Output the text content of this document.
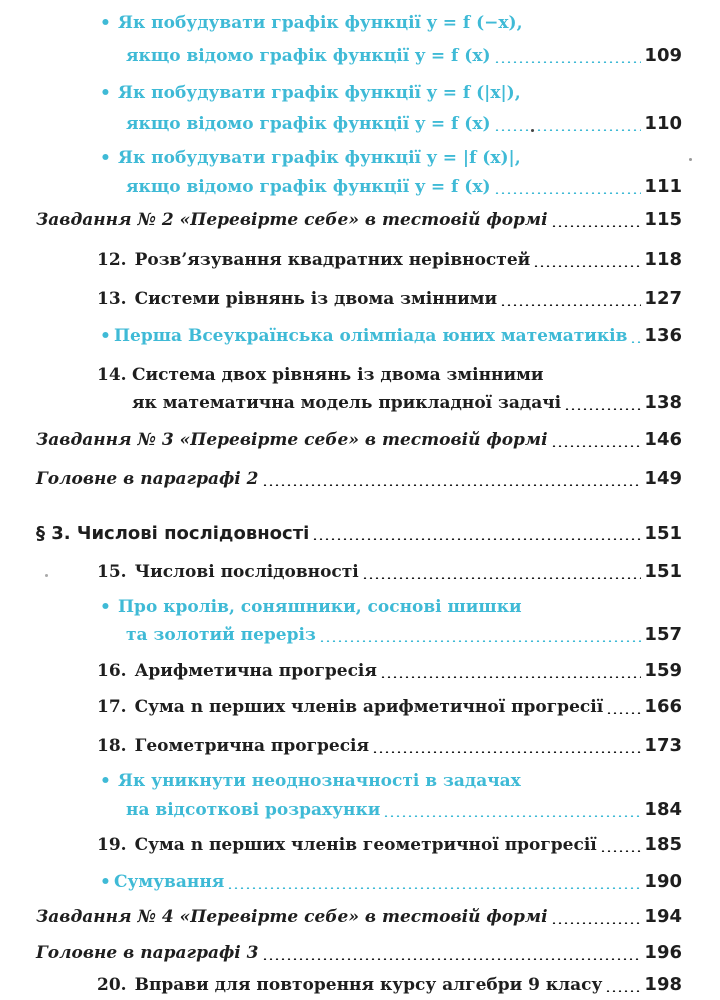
• Як побудувати графік функції y = f (−x),
якщо відомо графік функції y = f (x)	109
• Як побудувати графік функції y = f (|x|),
якщо відомо графік функції y = f (x)	110
• Як побудувати графік функції y = |f (x)|,
якщо відомо графік функції y = f (x)	111
Завдання № 2 «Перевірте себе» в тестовій формі	115
12. Розв’язування квадратних нерівностей	118
13. Системи рівнянь із двома змінними	127
• Перша Всеукраїнська олімпіада юних математиків 136
14. Система двох рівнянь із двома змінними
як математична модель прикладної задачі	138
Завдання № 3 «Перевірте себе» в тестовій формі	146
Головне в параграфі 2	149
§ 3. Числові послідовності	151
15. Числові послідовності	151
• Про кролів, соняшники, соснові шишки
та золотий переріз	157
16. Арифметична прогресія	159
17. Сума n перших членів арифметичної прогресії 166
18. Геометрична прогресія	173
• Як уникнути неоднозначності в задачах
на відсоткові розрахунки	184
19. Сума n перших членів геометричної прогресії	185
• Сумування	190
Завдання № 4 «Перевірте себе» в тестовій формі	194
Головне в параграфі 3	196
20. Вправи для повторення курсу алгебри 9 класу 198
